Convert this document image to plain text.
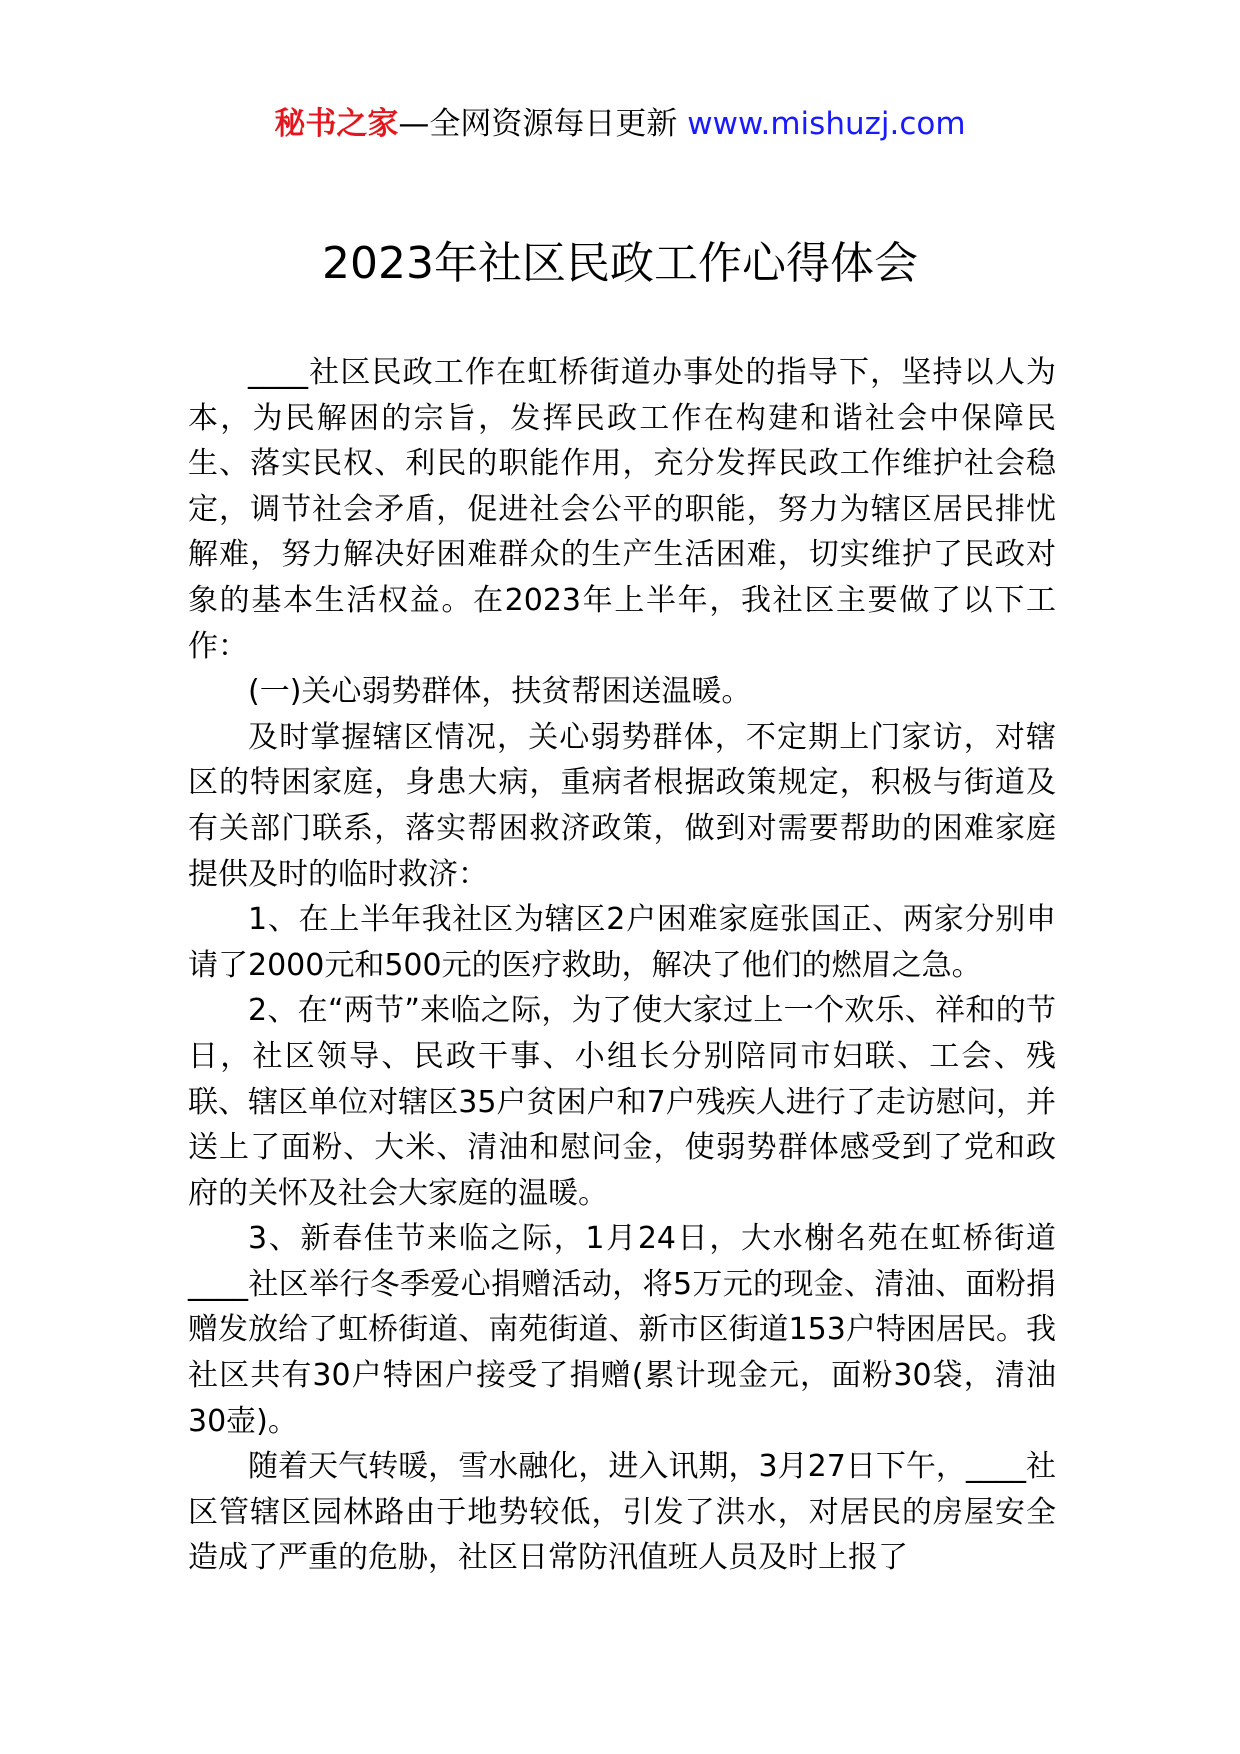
秘书之家—全网资源每日更新 www.mishuzj.com
2023年社区民政工作心得体会

____社区民政工作在虹桥街道办事处的指导下，坚持以人为本，为民解困的宗旨，发挥民政工作在构建和谐社会中保障民生、落实民权、利民的职能作用，充分发挥民政工作维护社会稳定，调节社会矛盾，促进社会公平的职能，努力为辖区居民排忧解难，努力解决好困难群众的生产生活困难，切实维护了民政对象的基本生活权益。在2023年上半年，我社区主要做了以下工作：

(一)关心弱势群体，扶贫帮困送温暖。

及时掌握辖区情况，关心弱势群体，不定期上门家访，对辖区的特困家庭，身患大病，重病者根据政策规定，积极与街道及有关部门联系，落实帮困救济政策，做到对需要帮助的困难家庭提供及时的临时救济：

1、在上半年我社区为辖区2户困难家庭张国正、两家分别申请了2000元和500元的医疗救助，解决了他们的燃眉之急。

2、在“两节”来临之际，为了使大家过上一个欢乐、祥和的节日，社区领导、民政干事、小组长分别陪同市妇联、工会、残联、辖区单位对辖区35户贫困户和7户残疾人进行了走访慰问，并送上了面粉、大米、清油和慰问金，使弱势群体感受到了党和政府的关怀及社会大家庭的温暖。

3、新春佳节来临之际，1月24日，大水榭名苑在虹桥街道____社区举行冬季爱心捐赠活动，将5万元的现金、清油、面粉捐赠发放给了虹桥街道、南苑街道、新市区街道153户特困居民。我社区共有30户特困户接受了捐赠(累计现金元，面粉30袋，清油30壶)。

随着天气转暖，雪水融化，进入讯期，3月27日下午，____社区管辖区园林路由于地势较低，引发了洪水，对居民的房屋安全造成了严重的危胁，社区日常防汛值班人员及时上报了
